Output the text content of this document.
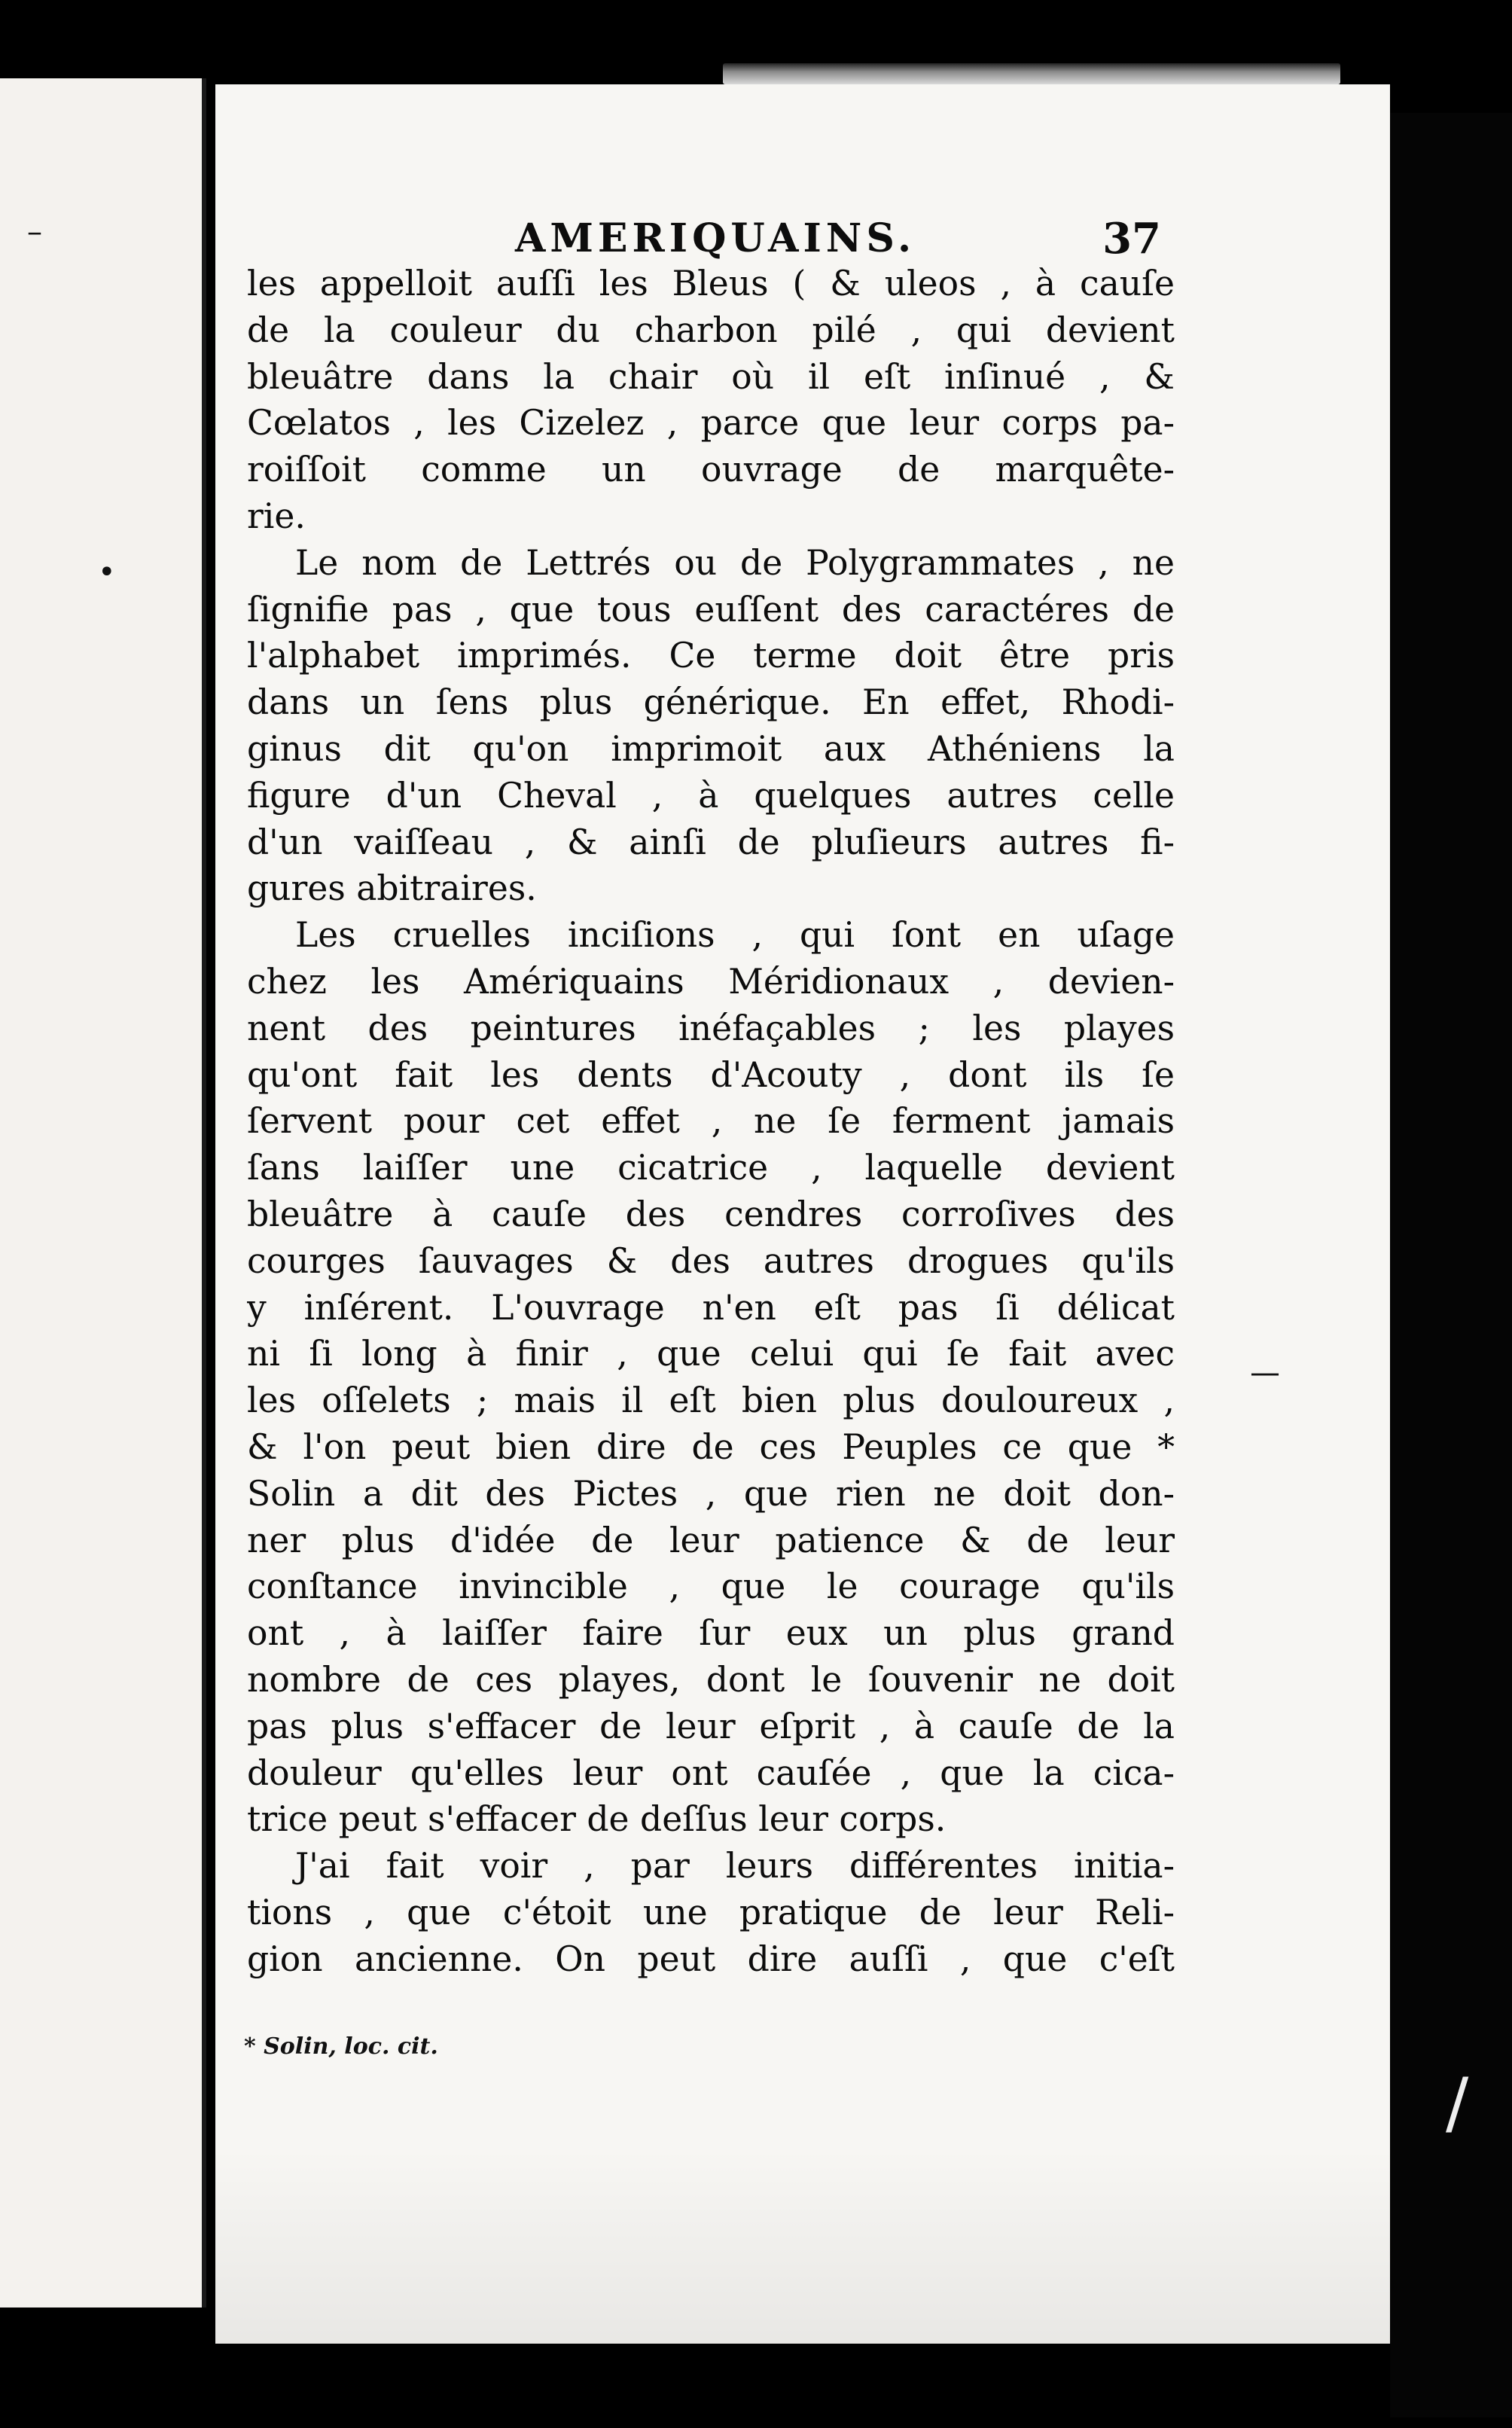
–
•
AMERIQUAINS.	37
les appelloit auſſi les Bleus ( & uleos , à cauſe
de la couleur du charbon pilé , qui devient
bleuâtre dans la chair où il eſt inſinué , &
Cœlatos , les Cizelez , parce que leur corps pa-
roiſſoit comme un ouvrage de marquête-
rie.
Le nom de Lettrés ou de Polygrammates , ne
ſignifie pas , que tous euſſent des caractéres de
l'alphabet imprimés. Ce terme doit être pris
dans un ſens plus générique. En effet, Rhodi-
ginus dit qu'on imprimoit aux Athéniens la
figure d'un Cheval , à quelques autres celle
d'un vaiſſeau , & ainſi de pluſieurs autres fi-
gures abitraires.
Les cruelles inciſions , qui ſont en uſage
chez les Amériquains Méridionaux , devien-
nent des peintures inéfaçables ; les playes
qu'ont fait les dents d'Acouty , dont ils ſe
ſervent pour cet effet , ne ſe ferment jamais
ſans laiſſer une cicatrice , laquelle devient
bleuâtre à cauſe des cendres corroſives des
courges ſauvages & des autres drogues qu'ils
y inſérent. L'ouvrage n'en eſt pas ſi délicat
ni ſi long à finir , que celui qui ſe fait avec
les oſſelets ; mais il eſt bien plus douloureux ,
& l'on peut bien dire de ces Peuples ce que *
Solin a dit des Pictes , que rien ne doit don-
ner plus d'idée de leur patience & de leur
conſtance invincible , que le courage qu'ils
ont , à laiſſer faire ſur eux un plus grand
nombre de ces playes, dont le ſouvenir ne doit
pas plus s'effacer de leur eſprit , à cauſe de la
douleur qu'elles leur ont cauſée , que la cica-
trice peut s'effacer de deſſus leur corps.
J'ai fait voir , par leurs différentes initia-
tions , que c'étoit une pratique de leur Reli-
gion ancienne. On peut dire auſſi , que c'eſt
* Solin, loc. cit.
—
/
